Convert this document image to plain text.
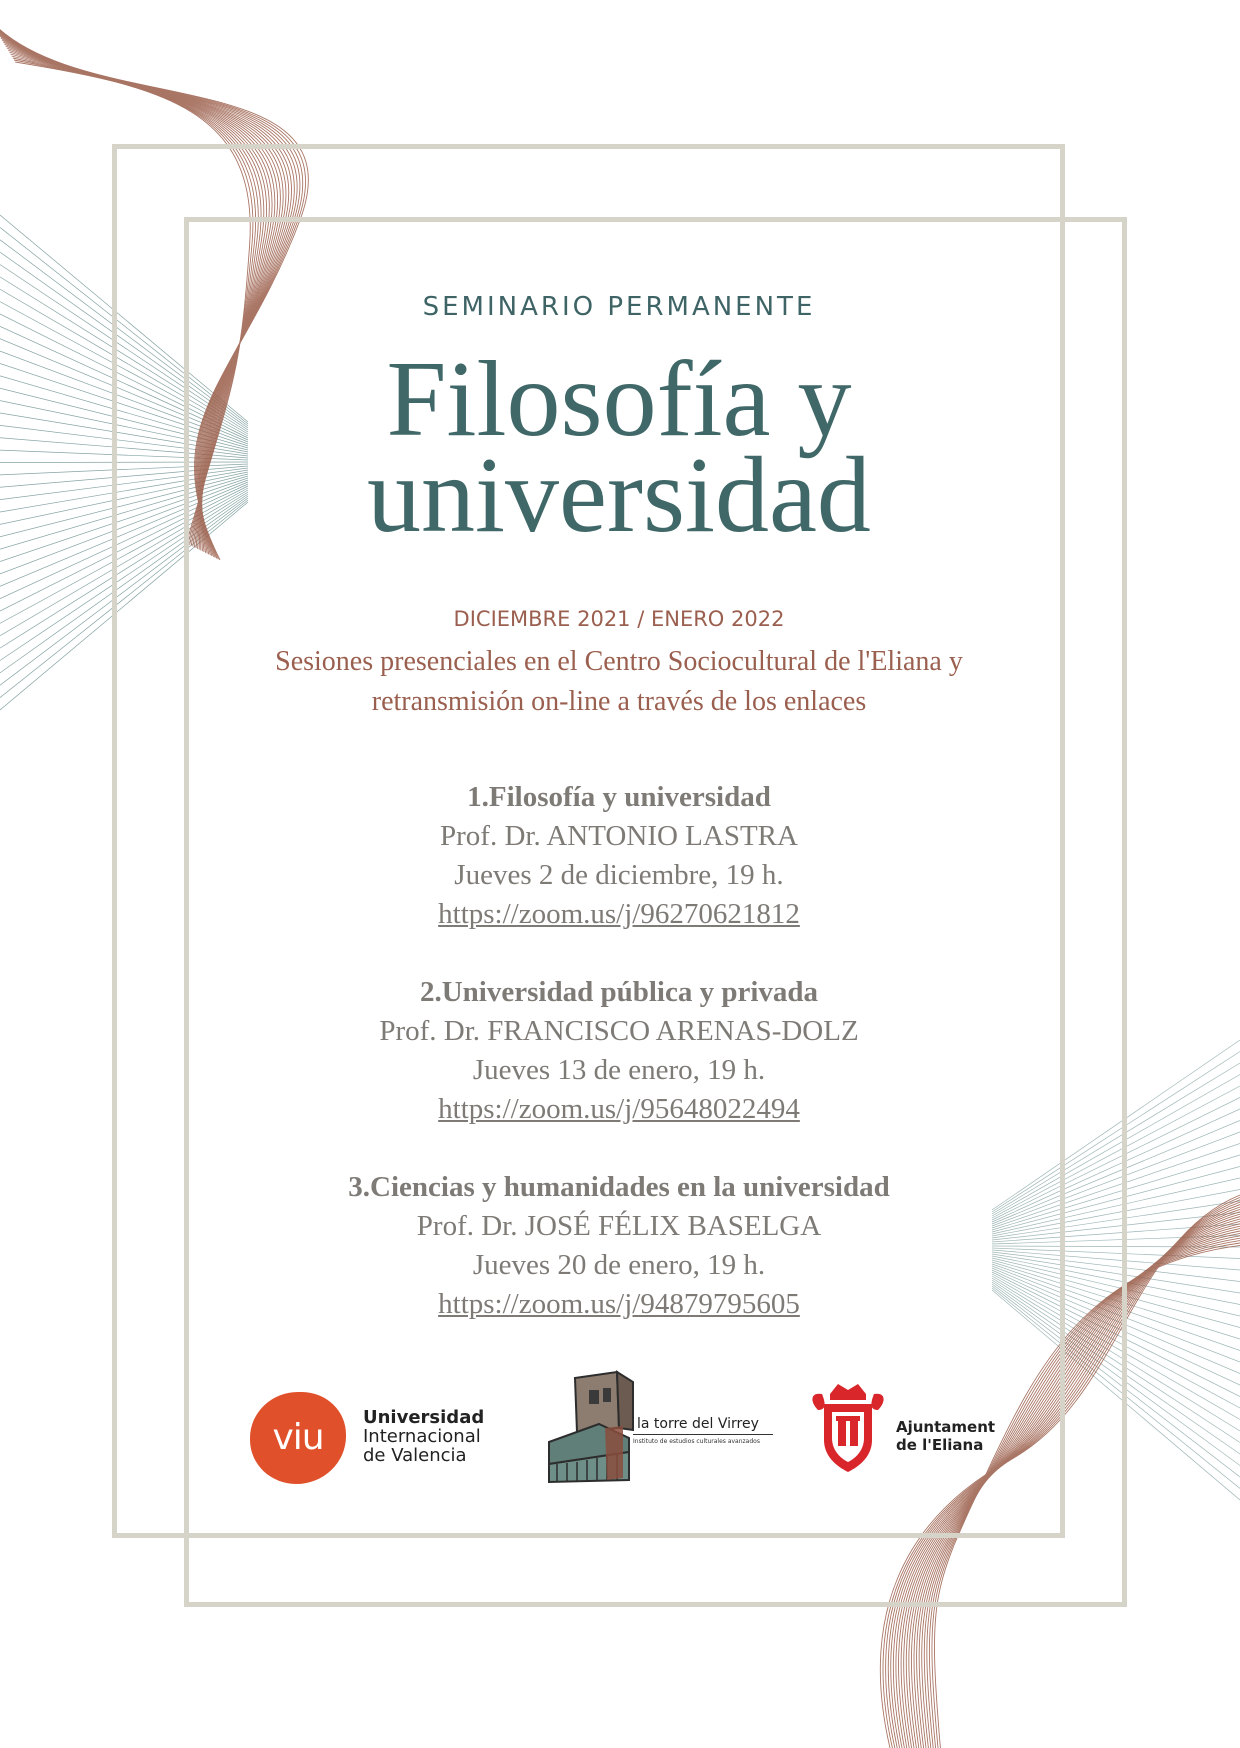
SEMINARIO PERMANENTE
Filosofía y
universidad
DICIEMBRE 2021 / ENERO 2022
Sesiones presenciales en el Centro Sociocultural de l'Eliana y
retransmisión on-line a través de los enlaces
1.Filosofía y universidad
Prof. Dr. ANTONIO LASTRA
Jueves 2 de diciembre, 19 h.
https://zoom.us/j/96270621812
2.Universidad pública y privada
Prof. Dr. FRANCISCO ARENAS-DOLZ
Jueves 13 de enero, 19 h.
https://zoom.us/j/95648022494
3.Ciencias y humanidades en la universidad
Prof. Dr. JOSÉ FÉLIX BASELGA
Jueves 20 de enero, 19 h.
https://zoom.us/j/94879795605
viu	Universidad
Internacional
de Valencia
la torre del Virrey
Instituto de estudios culturales avanzados
Ajuntament
de l'Eliana
